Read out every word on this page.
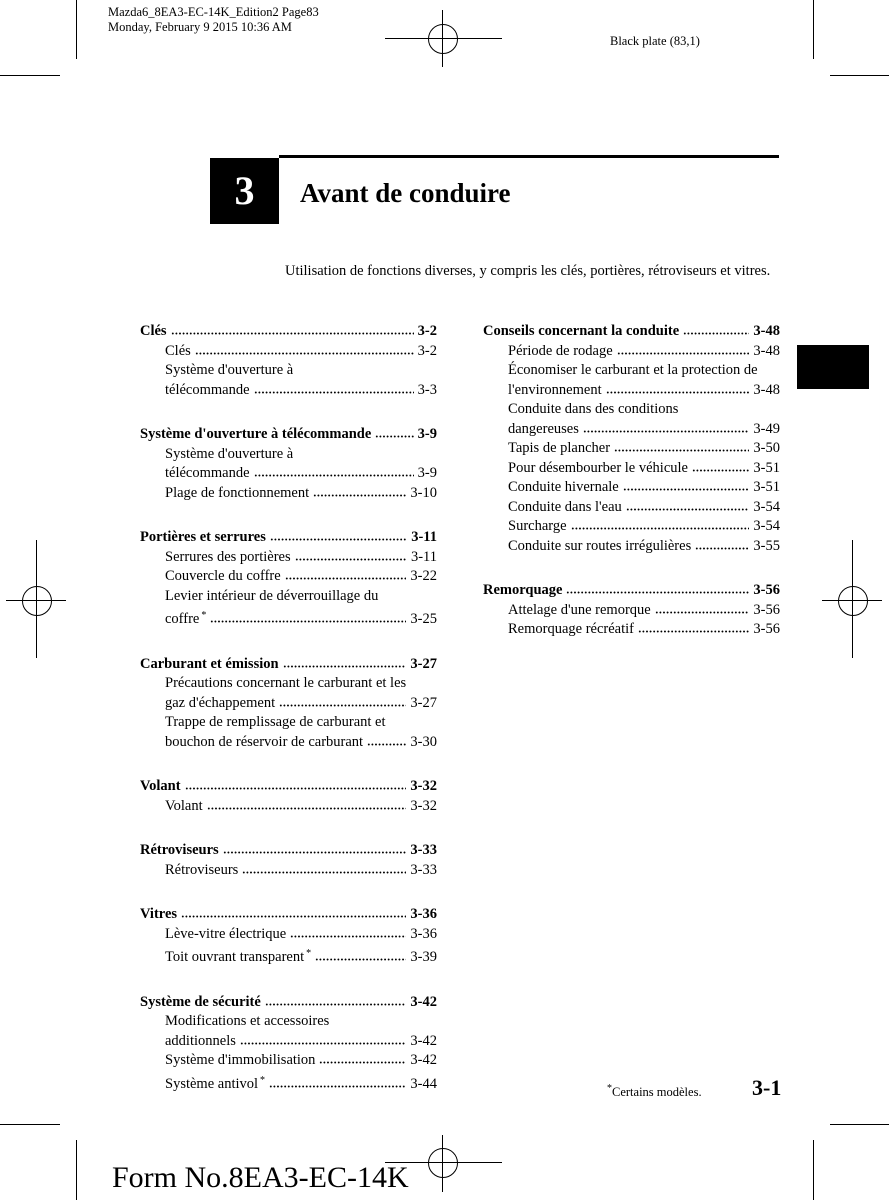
Mazda6_8EA3-EC-14K_Edition2 Page83
Monday, February 9 2015 10:36 AM
Black plate (83,1)
3	Avant de conduire
Utilisation de fonctions diverses, y compris les clés, portières, rétroviseurs et vitres.
Clés	3-2
Clés	3-2
Système d'ouverture à
télécommande	3-3
Système d'ouverture à télécommande	3-9
Système d'ouverture à
télécommande	3-9
Plage de fonctionnement	3-10
Portières et serrures	3-11
Serrures des portières	3-11
Couvercle du coffre	3-22
Levier intérieur de déverrouillage du
coffre *	3-25
Carburant et émission	3-27
Précautions concernant le carburant et les
gaz d'échappement	3-27
Trappe de remplissage de carburant et
bouchon de réservoir de carburant	3-30
Volant	3-32
Volant	3-32
Rétroviseurs	3-33
Rétroviseurs	3-33
Vitres	3-36
Lève-vitre électrique	3-36
Toit ouvrant transparent *	3-39
Système de sécurité	3-42
Modifications et accessoires
additionnels	3-42
Système d'immobilisation	3-42
Système antivol *	3-44
Conseils concernant la conduite	3-48
Période de rodage	3-48
Économiser le carburant et la protection de
l'environnement	3-48
Conduite dans des conditions
dangereuses	3-49
Tapis de plancher	3-50
Pour désembourber le véhicule	3-51
Conduite hivernale	3-51
Conduite dans l'eau	3-54
Surcharge	3-54
Conduite sur routes irrégulières	3-55
Remorquage	3-56
Attelage d'une remorque	3-56
Remorquage récréatif	3-56
*Certains modèles. 3-1
Form No.8EA3-EC-14K
